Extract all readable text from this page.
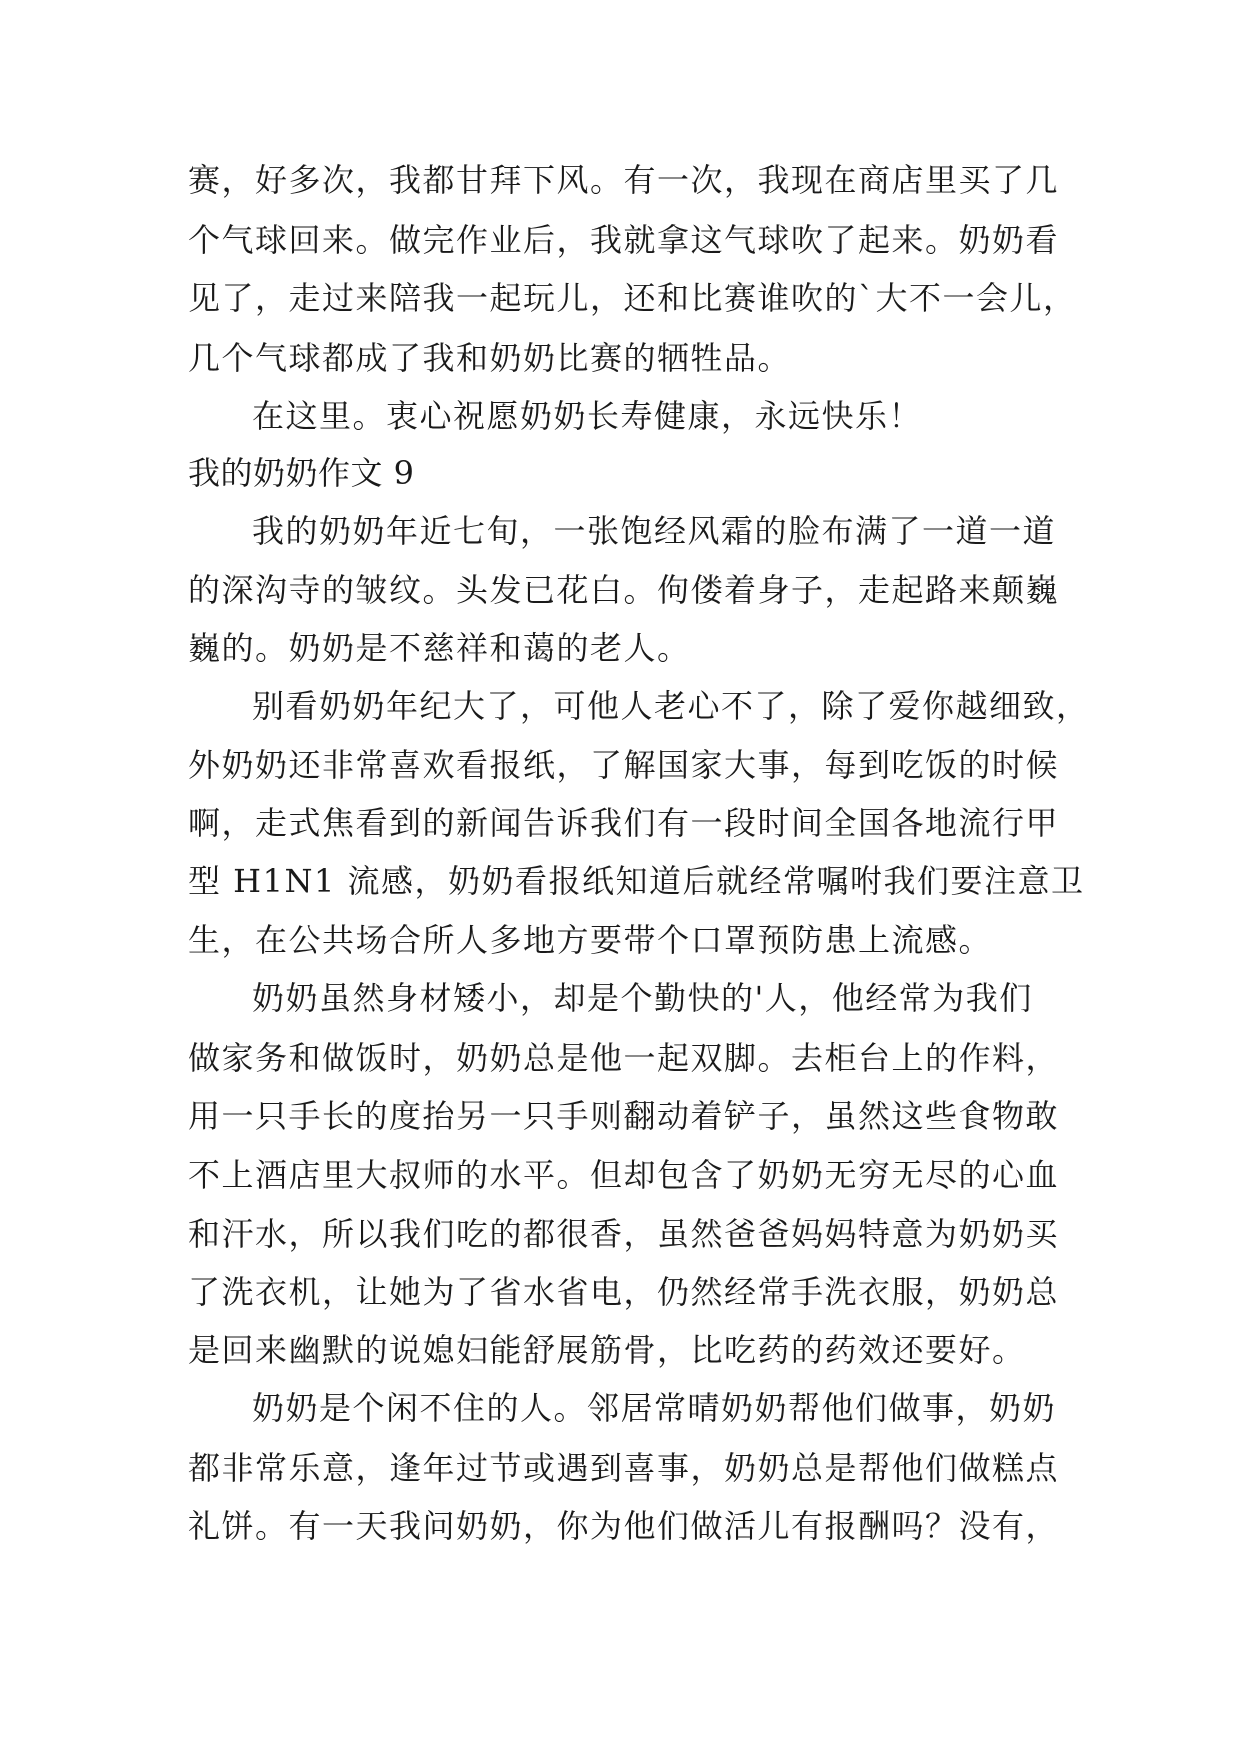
赛，好多次，我都甘拜下风。有一次，我现在商店里买了几
个气球回来。做完作业后，我就拿这气球吹了起来。奶奶看
见了，走过来陪我一起玩儿，还和比赛谁吹的`大不一会儿，
几个气球都成了我和奶奶比赛的牺牲品。
在这里。衷心祝愿奶奶长寿健康，永远快乐！
我的奶奶作文 9
我的奶奶年近七旬，一张饱经风霜的脸布满了一道一道
的深沟寺的皱纹。头发已花白。佝偻着身子，走起路来颠巍
巍的。奶奶是不慈祥和蔼的老人。
别看奶奶年纪大了，可他人老心不了，除了爱你越细致，
外奶奶还非常喜欢看报纸，了解国家大事，每到吃饭的时候
啊，走式焦看到的新闻告诉我们有一段时间全国各地流行甲
型 H1N1 流感，奶奶看报纸知道后就经常嘱咐我们要注意卫
生，在公共场合所人多地方要带个口罩预防患上流感。
奶奶虽然身材矮小，却是个勤快的'人，他经常为我们
做家务和做饭时，奶奶总是他一起双脚。去柜台上的作料，
用一只手长的度抬另一只手则翻动着铲子，虽然这些食物敢
不上酒店里大叔师的水平。但却包含了奶奶无穷无尽的心血
和汗水，所以我们吃的都很香，虽然爸爸妈妈特意为奶奶买
了洗衣机，让她为了省水省电，仍然经常手洗衣服，奶奶总
是回来幽默的说媳妇能舒展筋骨，比吃药的药效还要好。
奶奶是个闲不住的人。邻居常晴奶奶帮他们做事，奶奶
都非常乐意，逢年过节或遇到喜事，奶奶总是帮他们做糕点
礼饼。有一天我问奶奶，你为他们做活儿有报酬吗？没有，
